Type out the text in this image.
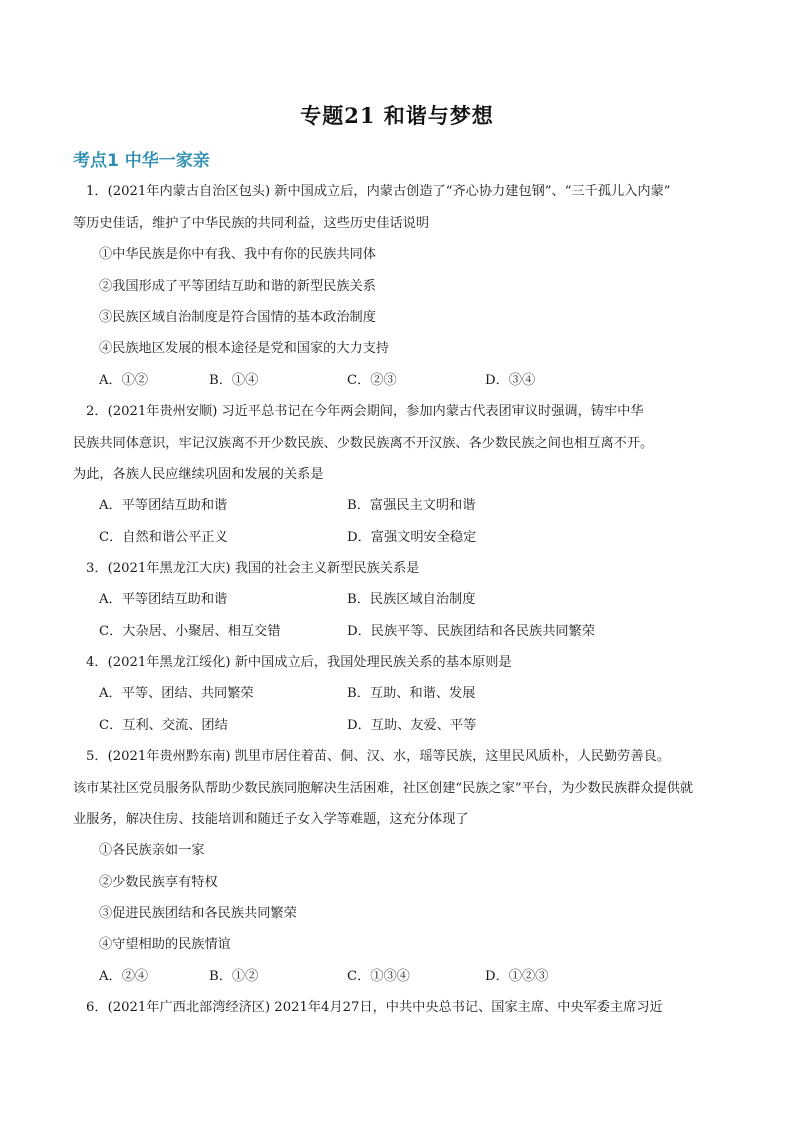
专题21 和谐与梦想
考点1 中华一家亲
1．(2021年内蒙古自治区包头) 新中国成立后，内蒙古创造了“齐心协力建包钢”、“三千孤儿入内蒙”
等历史佳话，维护了中华民族的共同利益，这些历史佳话说明
①中华民族是你中有我、我中有你的民族共同体
②我国形成了平等团结互助和谐的新型民族关系
③民族区域自治制度是符合国情的基本政治制度
④民族地区发展的根本途径是党和国家的大力支持
A．①②	B．①④	C．②③	D．③④
2．(2021年贵州安顺) 习近平总书记在今年两会期间，参加内蒙古代表团审议时强调，铸牢中华
民族共同体意识，牢记汉族离不开少数民族、少数民族离不开汉族、各少数民族之间也相互离不开。
为此，各族人民应继续巩固和发展的关系是
A．平等团结互助和谐	B．富强民主文明和谐
C．自然和谐公平正义	D．富强文明安全稳定
3．(2021年黑龙江大庆) 我国的社会主义新型民族关系是
A．平等团结互助和谐	B．民族区域自治制度
C．大杂居、小聚居、相互交错	D．民族平等、民族团结和各民族共同繁荣
4．(2021年黑龙江绥化) 新中国成立后，我国处理民族关系的基本原则是
A．平等、团结、共同繁荣	B．互助、和谐、发展
C．互利、交流、团结	D．互助、友爱、平等
5．(2021年贵州黔东南) 凯里市居住着苗、侗、汉、水，瑶等民族，这里民风质朴，人民勤劳善良。
该市某社区党员服务队帮助少数民族同胞解决生活困难，社区创建“民族之家”平台，为少数民族群众提供就
业服务，解决住房、技能培训和随迁子女入学等难题，这充分体现了
①各民族亲如一家
②少数民族享有特权
③促进民族团结和各民族共同繁荣
④守望相助的民族情谊
A．②④	B．①②	C．①③④	D．①②③
6．(2021年广西北部湾经济区) 2021年4月27日，中共中央总书记、国家主席、中央军委主席习近
